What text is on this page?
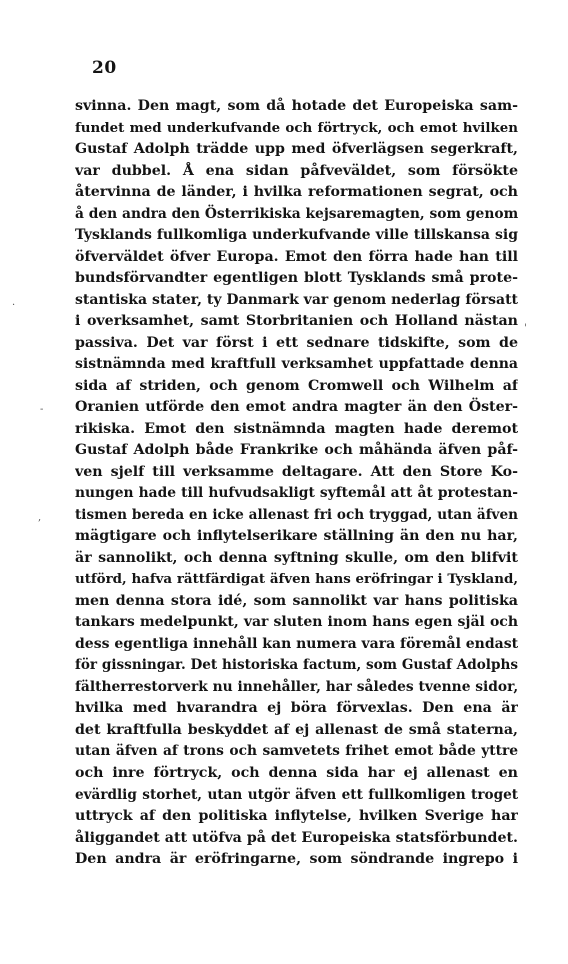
20
svinna. Den magt, som då hotade det Europeiska sam-
fundet med underkufvande och förtryck, och emot hvilken
Gustaf Adolph trädde upp med öfverlägsen segerkraft,
var dubbel. Å ena sidan påfveväldet, som försökte
återvinna de länder, i hvilka reformationen segrat, och
å den andra den Österrikiska kejsaremagten, som genom
Tysklands fullkomliga underkufvande ville tillskansa sig
öfverväldet öfver Europa. Emot den förra hade han till
bundsförvandter egentligen blott Tysklands små prote-
stantiska stater, ty Danmark var genom nederlag försatt
i overksamhet, samt Storbritanien och Holland nästan
passiva. Det var först i ett sednare tidskifte, som de
sistnämnda med kraftfull verksamhet uppfattade denna
sida af striden, och genom Cromwell och Wilhelm af
Oranien utförde den emot andra magter än den Öster-
rikiska. Emot den sistnämnda magten hade deremot
Gustaf Adolph både Frankrike och måhända äfven påf-
ven sjelf till verksamme deltagare. Att den Store Ko-
nungen hade till hufvudsakligt syftemål att åt protestan-
tismen bereda en icke allenast fri och tryggad, utan äfven
mägtigare och inflytelserikare ställning än den nu har,
är sannolikt, och denna syftning skulle, om den blifvit
utförd, hafva rättfärdigat äfven hans eröfringar i Tyskland,
men denna stora idé, som sannolikt var hans politiska
tankars medelpunkt, var sluten inom hans egen själ och
dess egentliga innehåll kan numera vara föremål endast
för gissningar. Det historiska factum, som Gustaf Adolphs
fältherrestorverk nu innehåller, har således tvenne sidor,
hvilka med hvarandra ej böra förvexlas. Den ena är
det kraftfulla beskyddet af ej allenast de små staterna,
utan äfven af trons och samvetets frihet emot både yttre
och inre förtryck, och denna sida har ej allenast en
evärdlig storhet, utan utgör äfven ett fullkomligen troget
uttryck af den politiska inflytelse, hvilken Sverige har
åliggandet att utöfva på det Europeiska statsförbundet.
Den andra är eröfringarne, som söndrande ingrepo i
·
-
,
'
